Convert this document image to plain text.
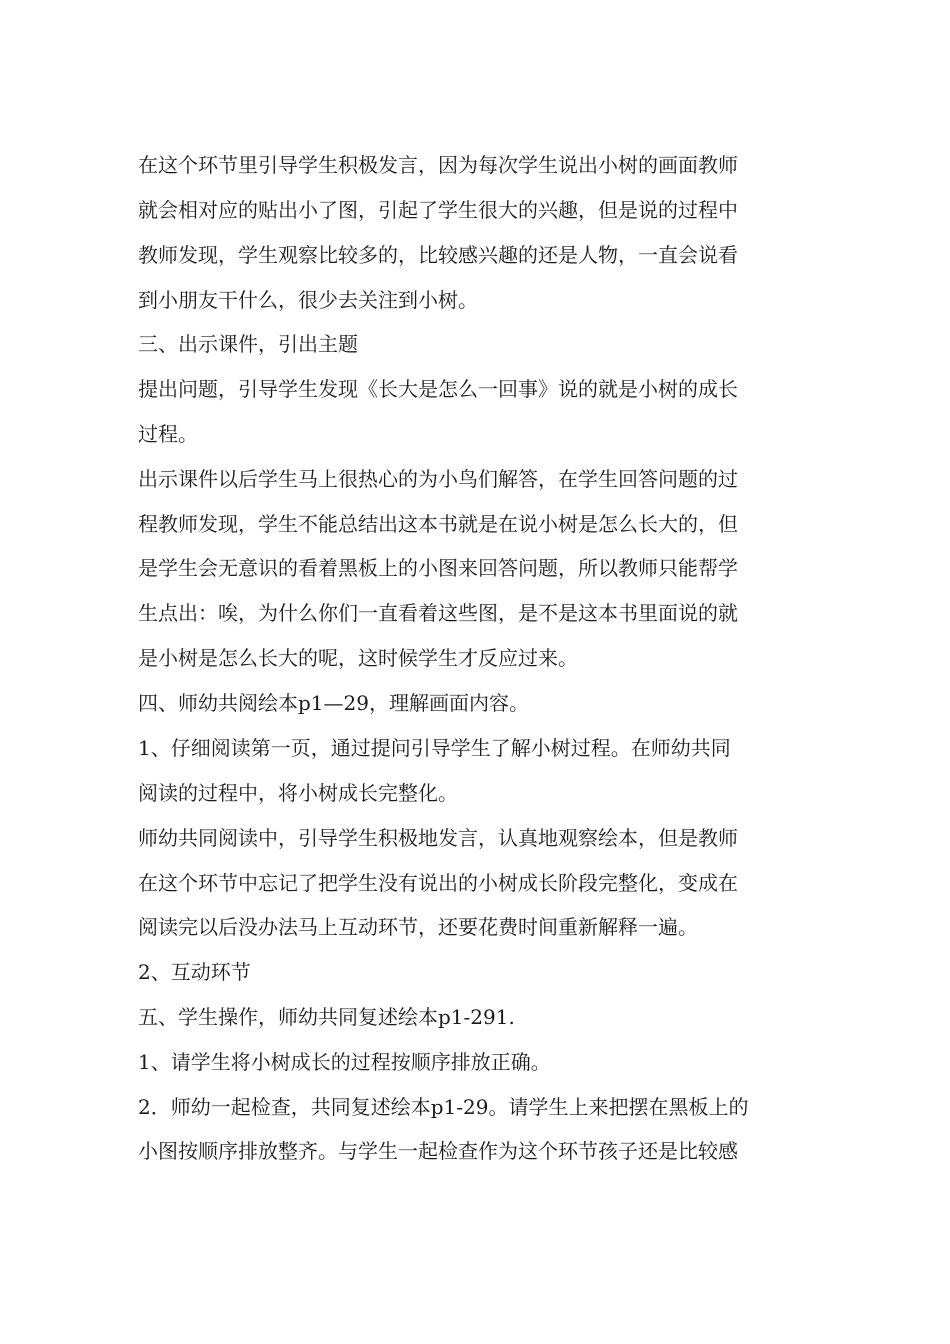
在这个环节里引导学生积极发言，因为每次学生说出小树的画面教师
就会相对应的贴出小了图，引起了学生很大的兴趣，但是说的过程中
教师发现，学生观察比较多的，比较感兴趣的还是人物，一直会说看
到小朋友干什么，很少去关注到小树。
三、出示课件，引出主题
提出问题，引导学生发现《长大是怎么一回事》说的就是小树的成长
过程。
出示课件以后学生马上很热心的为小鸟们解答，在学生回答问题的过
程教师发现，学生不能总结出这本书就是在说小树是怎么长大的，但
是学生会无意识的看着黑板上的小图来回答问题，所以教师只能帮学
生点出：唉，为什么你们一直看着这些图，是不是这本书里面说的就
是小树是怎么长大的呢，这时候学生才反应过来。
四、师幼共阅绘本p1—29，理解画面内容。
1、仔细阅读第一页，通过提问引导学生了解小树过程。在师幼共同
阅读的过程中，将小树成长完整化。
师幼共同阅读中，引导学生积极地发言，认真地观察绘本，但是教师
在这个环节中忘记了把学生没有说出的小树成长阶段完整化，变成在
阅读完以后没办法马上互动环节，还要花费时间重新解释一遍。
2、互动环节
五、学生操作，师幼共同复述绘本p1-291.
1、请学生将小树成长的过程按顺序排放正确。
2．师幼一起检查，共同复述绘本p1-29。请学生上来把摆在黑板上的
小图按顺序排放整齐。与学生一起检查作为这个环节孩子还是比较感
